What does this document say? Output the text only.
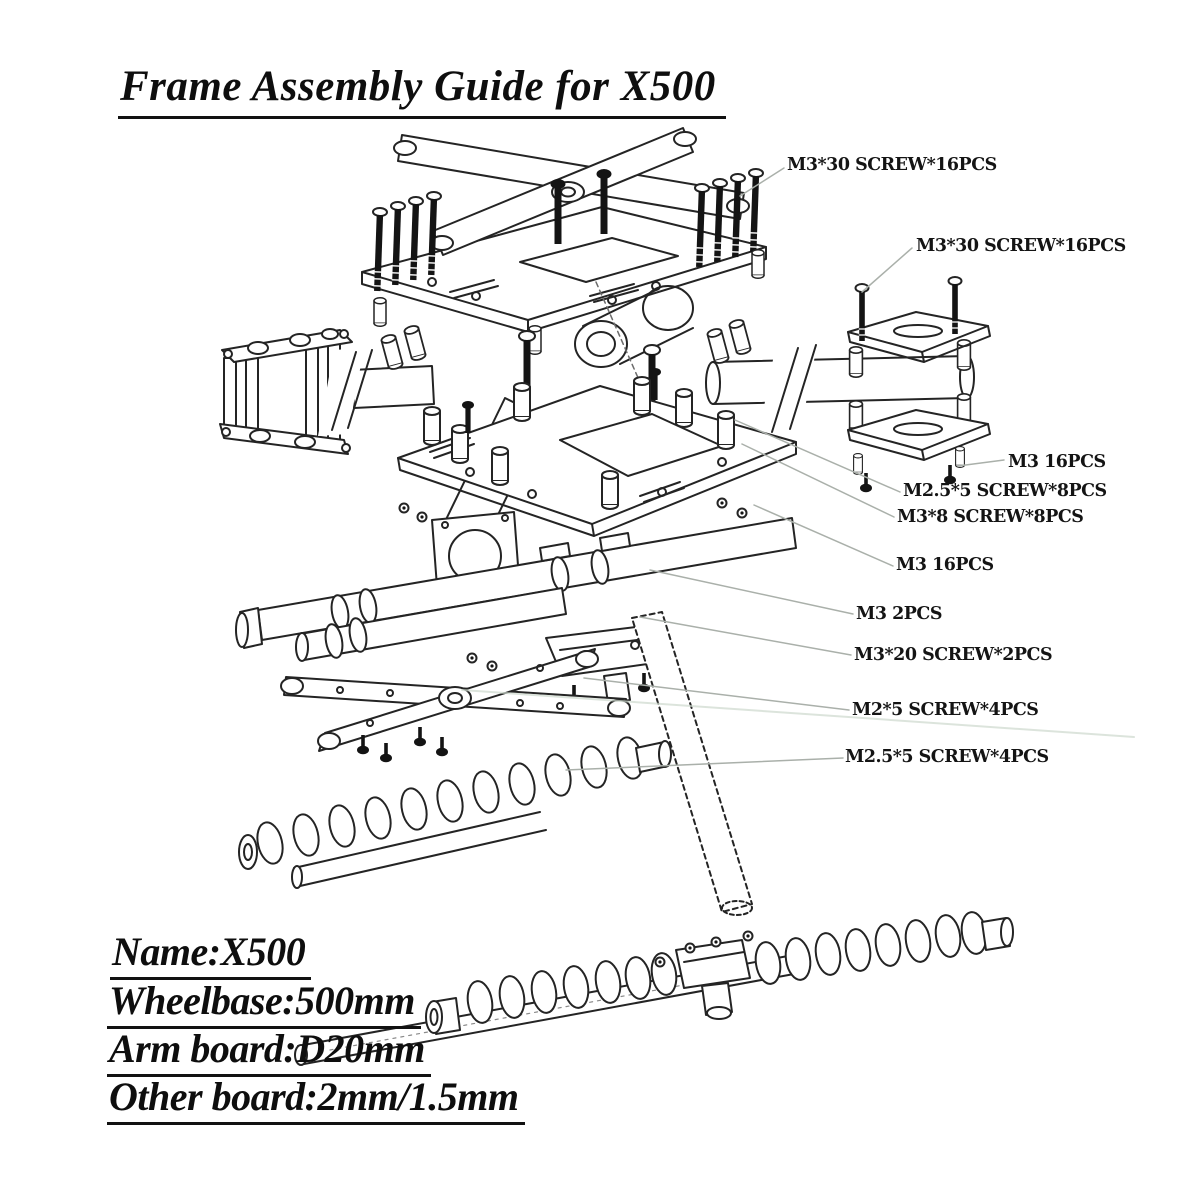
Frame Assembly Guide for X500
M3*30 SCREW*16PCS
M3*30 SCREW*16PCS
M3 16PCS
M2.5*5 SCREW*8PCS
M3*8 SCREW*8PCS
M3 16PCS
M3 2PCS
M3*20 SCREW*2PCS
M2*5 SCREW*4PCS
M2.5*5 SCREW*4PCS
Name:X500
Wheelbase:500mm
Arm board:D20mm
Other board:2mm/1.5mm
